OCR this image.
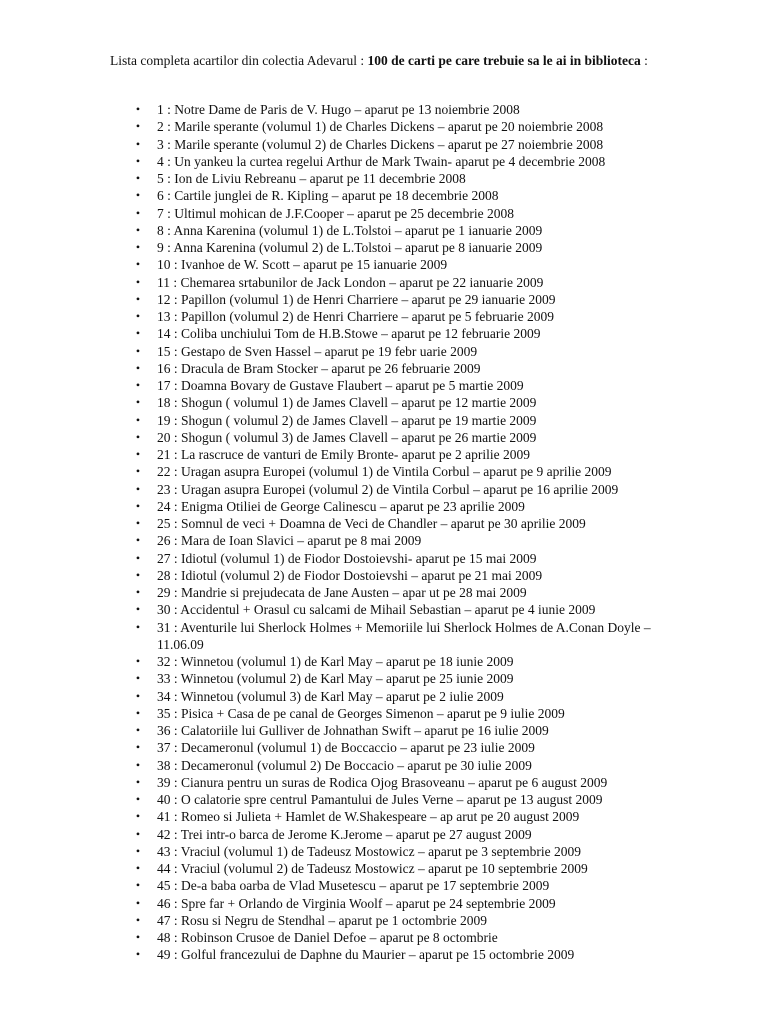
Lista completa acartilor din colectia Adevarul : 100 de carti pe care trebuie sa le ai in biblioteca :

• 1 : Notre Dame de Paris de V. Hugo – aparut pe 13 noiembrie 2008
• 2 : Marile sperante (volumul 1) de Charles Dickens – aparut pe 20 noiembrie 2008
• 3 : Marile sperante (volumul 2) de Charles Dickens – aparut pe 27 noiembrie 2008
• 4 : Un yankeu la curtea regelui Arthur de Mark Twain- aparut pe 4 decembrie 2008
• 5 : Ion de Liviu Rebreanu – aparut pe 11 decembrie 2008
• 6 : Cartile junglei de R. Kipling – aparut pe 18 decembrie 2008
• 7 : Ultimul mohican de J.F.Cooper – aparut pe 25 decembrie 2008
• 8 : Anna Karenina (volumul 1) de L.Tolstoi – aparut pe 1 ianuarie 2009
• 9 : Anna Karenina (volumul 2) de L.Tolstoi – aparut pe 8 ianuarie 2009
• 10 : Ivanhoe de W. Scott – aparut pe 15 ianuarie 2009
• 11 : Chemarea srtabunilor de Jack London – aparut pe 22 ianuarie 2009
• 12 : Papillon (volumul 1) de Henri Charriere – aparut pe 29 ianuarie 2009
• 13 : Papillon (volumul 2) de Henri Charriere – aparut pe 5 februarie 2009
• 14 : Coliba unchiului Tom de H.B.Stowe – aparut pe 12 februarie 2009
• 15 : Gestapo de Sven Hassel – aparut pe 19 febr uarie 2009
• 16 : Dracula de Bram Stocker – aparut pe 26 februarie 2009
• 17 : Doamna Bovary de Gustave Flaubert – aparut pe 5 martie 2009
• 18 : Shogun ( volumul 1) de James Clavell – aparut pe 12 martie 2009
• 19 : Shogun ( volumul 2) de James Clavell – aparut pe 19 martie 2009
• 20 : Shogun ( volumul 3) de James Clavell – aparut pe 26 martie 2009
• 21 : La rascruce de vanturi de Emily Bronte- aparut pe 2 aprilie 2009
• 22 : Uragan asupra Europei (volumul 1) de Vintila Corbul – aparut pe 9 aprilie 2009
• 23 : Uragan asupra Europei (volumul 2) de Vintila Corbul – aparut pe 16 aprilie 2009
• 24 : Enigma Otiliei de George Calinescu – aparut pe 23 aprilie 2009
• 25 : Somnul de veci + Doamna de Veci de Chandler – aparut pe 30 aprilie 2009
• 26 : Mara de Ioan Slavici – aparut pe 8 mai 2009
• 27 : Idiotul (volumul 1) de Fiodor Dostoievshi- aparut pe 15 mai 2009
• 28 : Idiotul (volumul 2) de Fiodor Dostoievshi – aparut pe 21 mai 2009
• 29 : Mandrie si prejudecata de Jane Austen – apar ut pe 28 mai 2009
• 30 : Accidentul + Orasul cu salcami de Mihail Sebastian – aparut pe 4 iunie 2009
• 31 : Aventurile lui Sherlock Holmes + Memoriile lui Sherlock Holmes de A.Conan Doyle – 11.06.09
• 32 : Winnetou (volumul 1) de Karl May – aparut pe 18 iunie 2009
• 33 : Winnetou (volumul 2) de Karl May – aparut pe 25 iunie 2009
• 34 : Winnetou (volumul 3) de Karl May – aparut pe 2 iulie 2009
• 35 : Pisica + Casa de pe canal de Georges Simenon – aparut pe 9 iulie 2009
• 36 : Calatoriile lui Gulliver de Johnathan Swift – aparut pe 16 iulie 2009
• 37 : Decameronul (volumul 1) de Boccaccio – aparut pe 23 iulie 2009
• 38 : Decameronul (volumul 2) De Boccacio – aparut pe 30 iulie 2009
• 39 : Cianura pentru un suras de Rodica Ojog Brasoveanu – aparut pe 6 august 2009
• 40 : O calatorie spre centrul Pamantului de Jules Verne – aparut pe 13 august 2009
• 41 : Romeo si Julieta + Hamlet de W.Shakespeare – ap arut pe 20 august 2009
• 42 : Trei intr-o barca de Jerome K.Jerome – aparut pe 27 august 2009
• 43 : Vraciul (volumul 1) de Tadeusz Mostowicz – aparut pe 3 septembrie 2009
• 44 : Vraciul (volumul 2) de Tadeusz Mostowicz – aparut pe 10 septembrie 2009
• 45 : De-a baba oarba de Vlad Musetescu – aparut pe 17 septembrie 2009
• 46 : Spre far + Orlando de Virginia Woolf – aparut pe 24 septembrie 2009
• 47 : Rosu si Negru de Stendhal – aparut pe 1 octombrie 2009
• 48 : Robinson Crusoe de Daniel Defoe – aparut pe 8 octombrie
• 49 : Golful francezului de Daphne du Maurier – aparut pe 15 octombrie 2009
